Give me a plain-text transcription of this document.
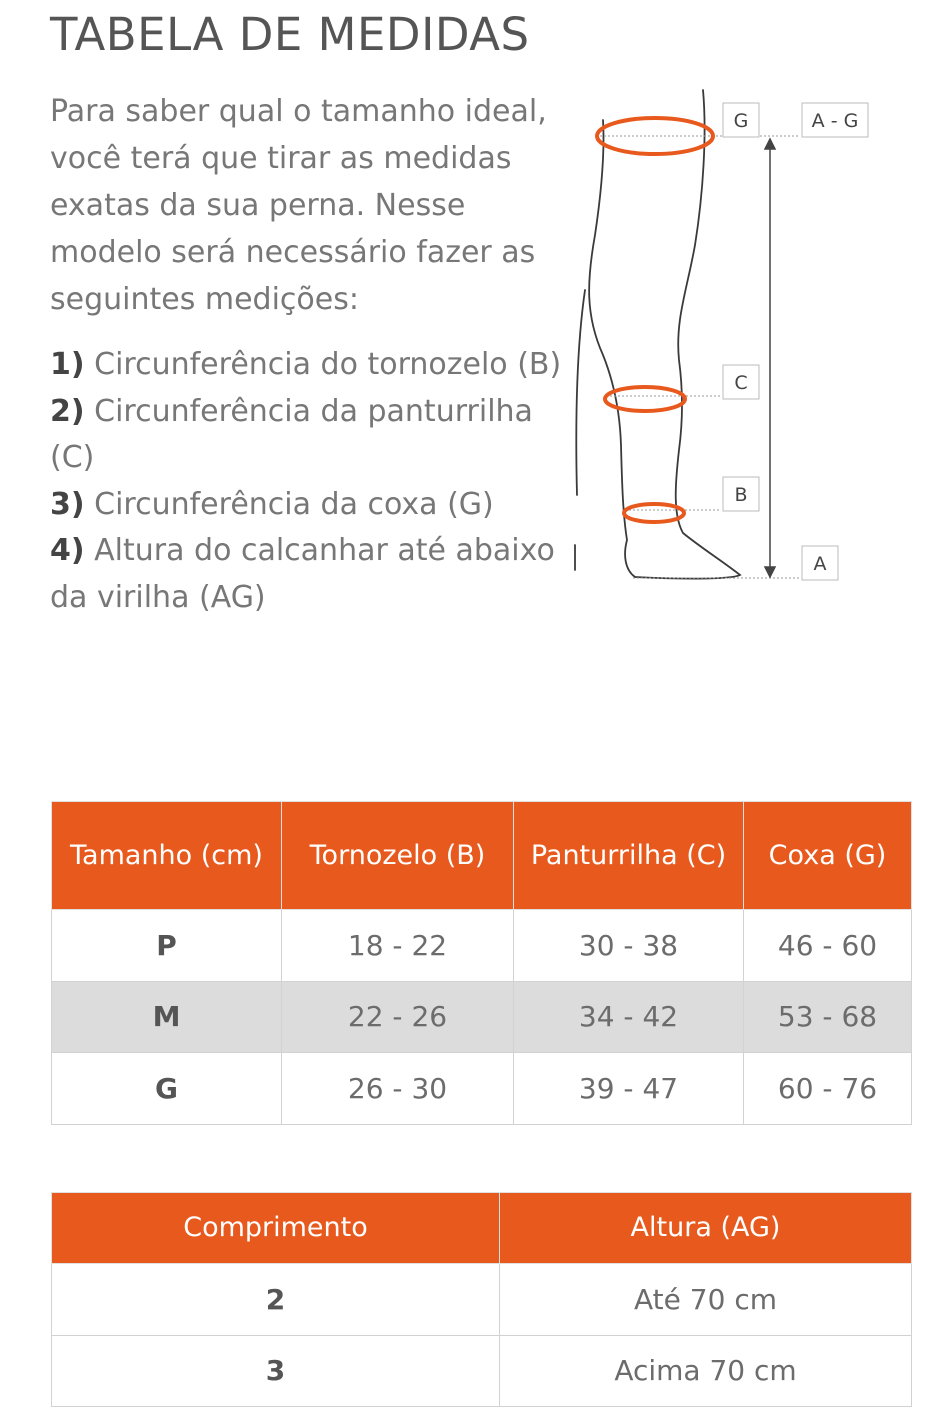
TABELA DE MEDIDAS

Para saber qual o tamanho ideal, você terá que tirar as medidas exatas da sua perna. Nesse modelo será necessário fazer as seguintes medições:

1) Circunferência do tornozelo (B)
2) Circunferência da panturrilha (C)
3) Circunferência da coxa (G)
4) Altura do calcanhar até abaixo da virilha (AG)
G	A - G
C
B
A
Tamanho (cm)	Tornozelo (B)	Panturrilha (C)	Coxa (G)
P	18 - 22	30 - 38	46 - 60
M	22 - 26	34 - 42	53 - 68
G	26 - 30	39 - 47	60 - 76
Comprimento	Altura (AG)
2	Até 70 cm
3	Acima 70 cm
